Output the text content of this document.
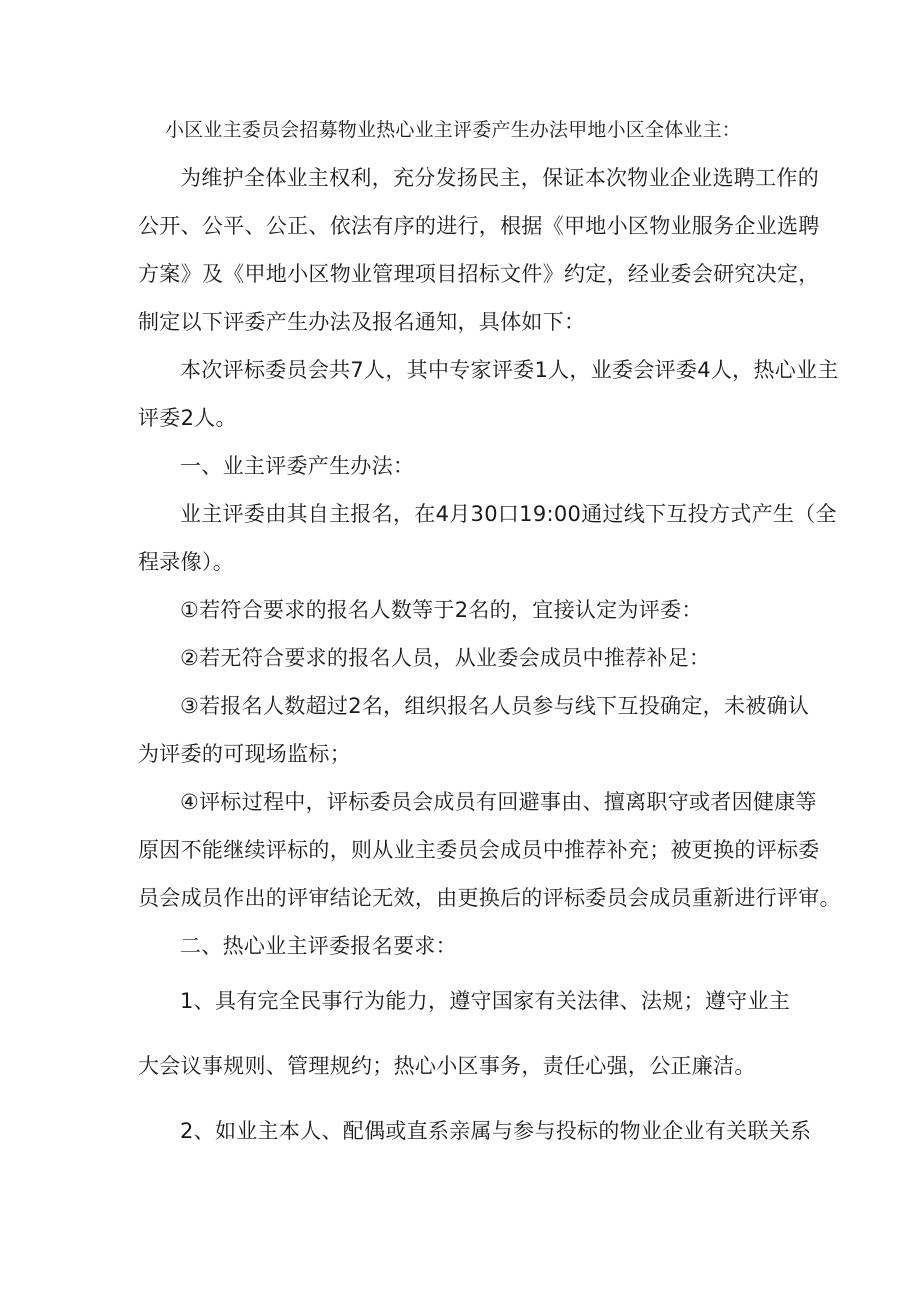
小区业主委员会招募物业热心业主评委产生办法甲地小区全体业主：
为维护全体业主权利，充分发扬民主，保证本次物业企业选聘工作的
公开、公平、公正、依法有序的进行，根据《甲地小区物业服务企业选聘
方案》及《甲地小区物业管理项目招标文件》约定，经业委会研究决定，
制定以下评委产生办法及报名通知，具体如下：
本次评标委员会共7人，其中专家评委1人，业委会评委4人，热心业主
评委2人。
一、业主评委产生办法：
业主评委由其自主报名，在4月30口19:00通过线下互投方式产生（全
程录像）。
①若符合要求的报名人数等于2名的，宜接认定为评委：
②若无符合要求的报名人员，从业委会成员中推荐补足：
③若报名人数超过2名，组织报名人员参与线下互投确定，未被确认
为评委的可现场监标；
④评标过程中，评标委员会成员有回避事由、擅离职守或者因健康等
原因不能继续评标的，则从业主委员会成员中推荐补充；被更换的评标委
员会成员作出的评审结论无效，由更换后的评标委员会成员重新进行评审。
二、热心业主评委报名要求：
1、具有完全民事行为能力，遵守国家有关法律、法规；遵守业主
大会议事规则、管理规约；热心小区事务，责任心强，公正廉洁。
2、如业主本人、配偶或直系亲属与参与投标的物业企业有关联关系
